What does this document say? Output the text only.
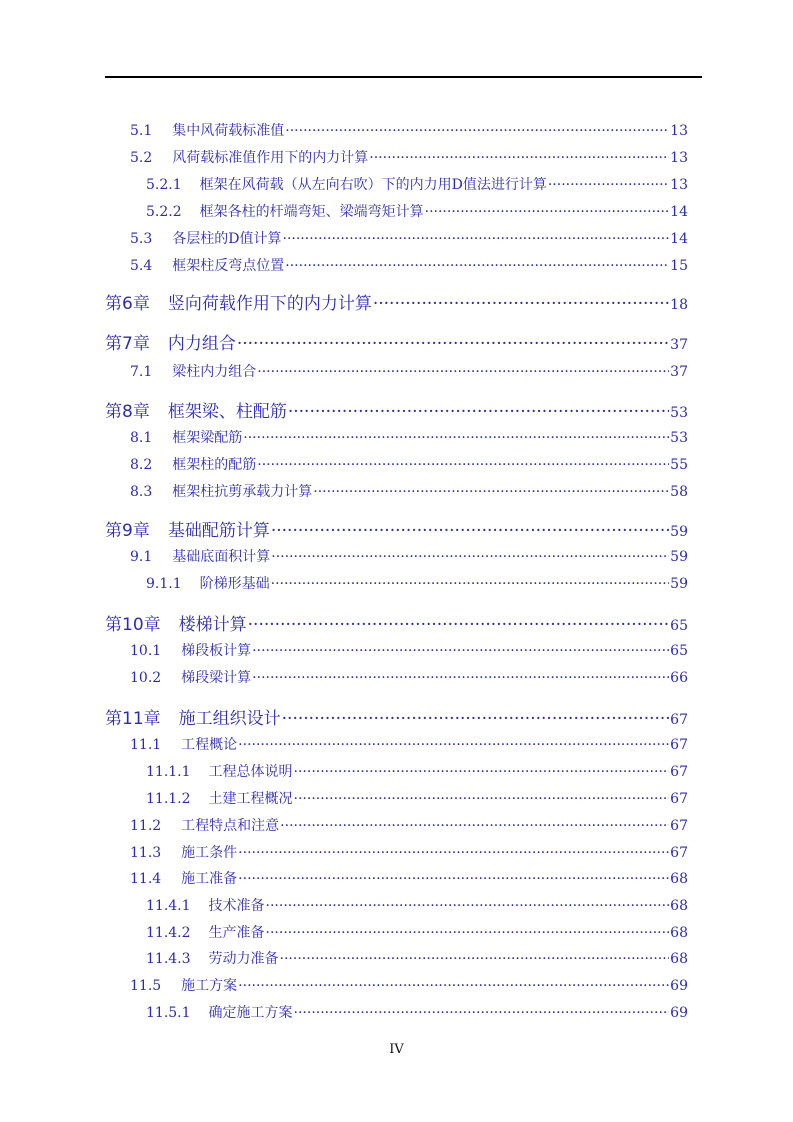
5.1 集中风荷载标准值 ·····	13
5.2 风荷载标准值作用下的内力计算 ·····	13
5.2.1 框架在风荷载（从左向右吹）下的内力用D值法进行计算 ·····	13
5.2.2 框架各柱的杆端弯矩、梁端弯矩计算 ·····	14
5.3 各层柱的D值计算 ·····	14
5.4 框架柱反弯点位置 ·····	15
第6章 竖向荷载作用下的内力计算 ·····	18
第7章 内力组合 ·····	37
7.1 梁柱内力组合 ·····	37
第8章 框架梁、柱配筋 ·····	53
8.1 框架梁配筋 ·····	53
8.2 框架柱的配筋 ·····	55
8.3 框架柱抗剪承载力计算 ·····	58
第9章 基础配筋计算 ·····	59
9.1 基础底面积计算 ·····	59
9.1.1 阶梯形基础 ·····	59
第10章 楼梯计算 ·····	65
10.1 梯段板计算 ·····	65
10.2 梯段梁计算 ·····	66
第11章 施工组织设计 ·····	67
11.1 工程概论 ·····	67
11.1.1 工程总体说明 ·····	67
11.1.2 土建工程概况 ·····	67
11.2 工程特点和注意 ·····	67
11.3 施工条件 ·····	67
11.4 施工准备 ·····	68
11.4.1 技术准备 ·····	68
11.4.2 生产准备 ·····	68
11.4.3 劳动力准备 ·····	68
11.5 施工方案 ·····	69
11.5.1 确定施工方案 ·····	69
IV
